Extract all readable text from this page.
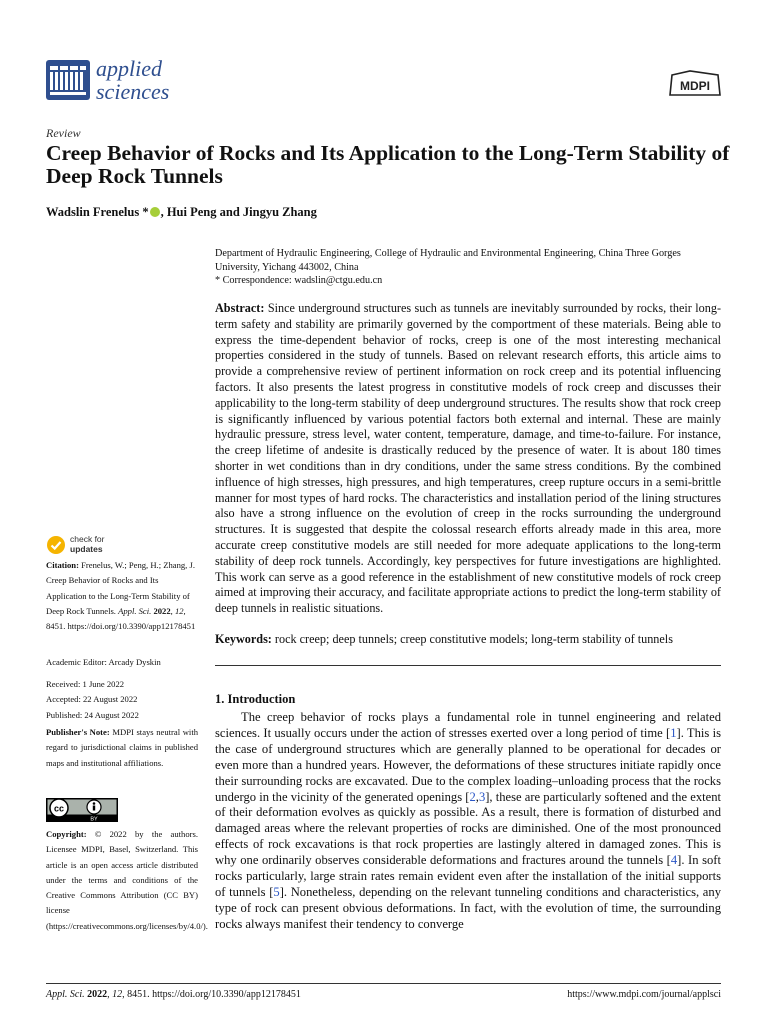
applied
sciences	MDPI
Review
Creep Behavior of Rocks and Its Application to the Long-Term Stability of Deep Rock Tunnels
Wadslin Frenelus * , Hui Peng and Jingyu Zhang
Department of Hydraulic Engineering, College of Hydraulic and Environmental Engineering, China Three Gorges University, Yichang 443002, China
* Correspondence: wadslin@ctgu.edu.cn
Abstract: Since underground structures such as tunnels are inevitably surrounded by rocks, their long-term safety and stability are primarily governed by the comportment of these materials. Being able to express the time-dependent behavior of rocks, creep is one of the most interesting mechanical properties considered in the study of tunnels. Based on relevant research efforts, this article aims to provide a comprehensive review of pertinent information on rock creep and its potential influencing factors. It also presents the latest progress in constitutive models of rock creep and discusses their applicability to the long-term stability of deep underground structures. The results show that rock creep is significantly influenced by various potential factors both external and internal. These are mainly hydraulic pressure, stress level, water content, temperature, damage, and time-to-failure. For instance, the creep lifetime of andesite is drastically reduced by the presence of water. It is about 180 times shorter in wet conditions than in dry conditions, under the same stress conditions. By the combined influence of high stresses, high pressures, and high temperatures, creep rupture occurs in a semi-brittle manner for most types of hard rocks. The characteristics and installation period of the lining structures also have a strong influence on the evolution of creep in the rocks surrounding the underground structures. It is suggested that despite the colossal research efforts already made in this area, more accurate creep constitutive models are still needed for more adequate applications to the long-term stability of deep rock tunnels. Accordingly, key perspectives for future investigations are highlighted. This work can serve as a good reference in the establishment of new constitutive models of rock creep aimed at improving their accuracy, and facilitate appropriate actions to predict the long-term stability of deep tunnels in realistic situations.
Keywords: rock creep; deep tunnels; creep constitutive models; long-term stability of tunnels
1. Introduction
The creep behavior of rocks plays a fundamental role in tunnel engineering and related sciences. It usually occurs under the action of stresses exerted over a long period of time [1]. This is the case of underground structures which are generally planned to be operational for decades or even more than a hundred years. However, the deformations of these structures initiate rapidly once their surrounding rocks are excavated. Due to the complex loading–unloading process that the rocks undergo in the vicinity of the generated openings [2,3], these are particularly softened and the extent of their deformation evolves as quickly as possible. As a result, there is formation of disturbed and damaged areas where the relevant properties of rocks are diminished. One of the most pronounced effects of rock excavations is that rock properties are lastingly altered in damaged zones. This is why one ordinarily observes considerable deformations and fractures around the tunnels [4]. In soft rocks particularly, large strain rates remain evident even after the installation of the initial supports of tunnels [5]. Nonetheless, depending on the relevant tunneling conditions and characteristics, any type of rock can present obvious deformations. In fact, with the evolution of time, the surrounding rocks always manifest their tendency to converge
check for
updates
Citation: Frenelus, W.; Peng, H.; Zhang, J. Creep Behavior of Rocks and Its Application to the Long-Term Stability of Deep Rock Tunnels. Appl. Sci. 2022, 12, 8451. https://doi.org/10.3390/app12178451
Academic Editor: Arcady Dyskin
Received: 1 June 2022
Accepted: 22 August 2022
Published: 24 August 2022
Publisher's Note: MDPI stays neutral with regard to jurisdictional claims in published maps and institutional affiliations.
cc
BY
Copyright: © 2022 by the authors. Licensee MDPI, Basel, Switzerland. This article is an open access article distributed under the terms and conditions of the Creative Commons Attribution (CC BY) license (https://creativecommons.org/licenses/by/4.0/).
Appl. Sci. 2022, 12, 8451. https://doi.org/10.3390/app12178451	https://www.mdpi.com/journal/applsci
